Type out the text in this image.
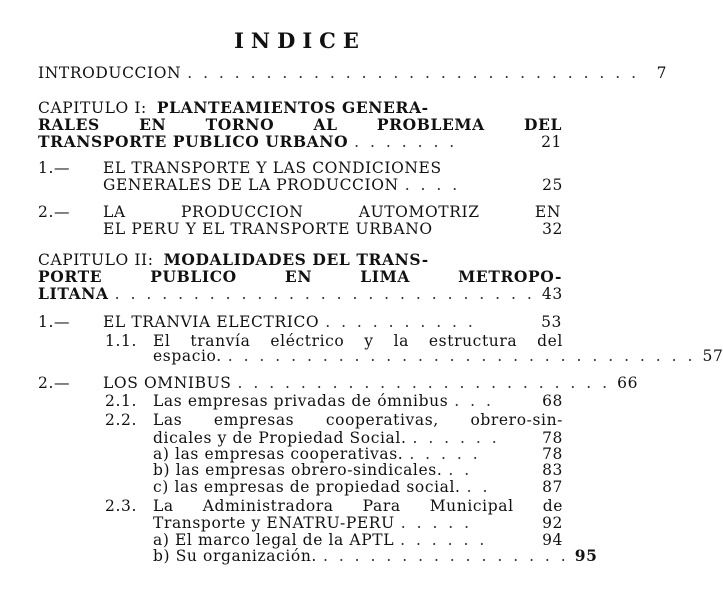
INDICE
INTRODUCCION . . . . . . . . . . . . . . . . . . . . . . . . . . . . .	7
CAPITULO I: PLANTEAMIENTOS GENERA-
RALES EN TORNO AL PROBLEMA DEL
TRANSPORTE PUBLICO URBANO . . . . . . .	21
1.—	EL TRANSPORTE Y LAS CONDICIONES
GENERALES DE LA PRODUCCION . . . .	25
2.—	LA PRODUCCION AUTOMOTRIZ EN
EL PERU Y EL TRANSPORTE URBANO	32
CAPITULO II: MODALIDADES DEL TRANS-
PORTE PUBLICO EN LIMA METROPO-
LITANA . . . . . . . . . . . . . . . . . . . . . . . . . . . 43
1.—	EL TRANVIA ELECTRICO . . . . . . . . . .	53
1.1.	El tranvía eléctrico y la estructura del
espacio. . . . . . . . . . . . . . . . . . . . . . . . . . . . . . . 57
2.—	LOS OMNIBUS . . . . . . . . . . . . . . . . . . . . . . . . 66
2.1.	Las empresas privadas de ómnibus . . .	68
2.2.	Las empresas cooperativas, obrero-sin-
dicales y de Propiedad Social. . . . . . .	78
a) las empresas cooperativas. . . . . .	78
b) las empresas obrero-sindicales. . .	83
c) las empresas de propiedad social. . .	87
2.3.	La Administradora Para Municipal de
Transporte y ENATRU-PERU . . . . .	92
a) El marco legal de la APTL . . . . . .	94
b) Su organización. . . . . . . . . . . . . . . . . 95
